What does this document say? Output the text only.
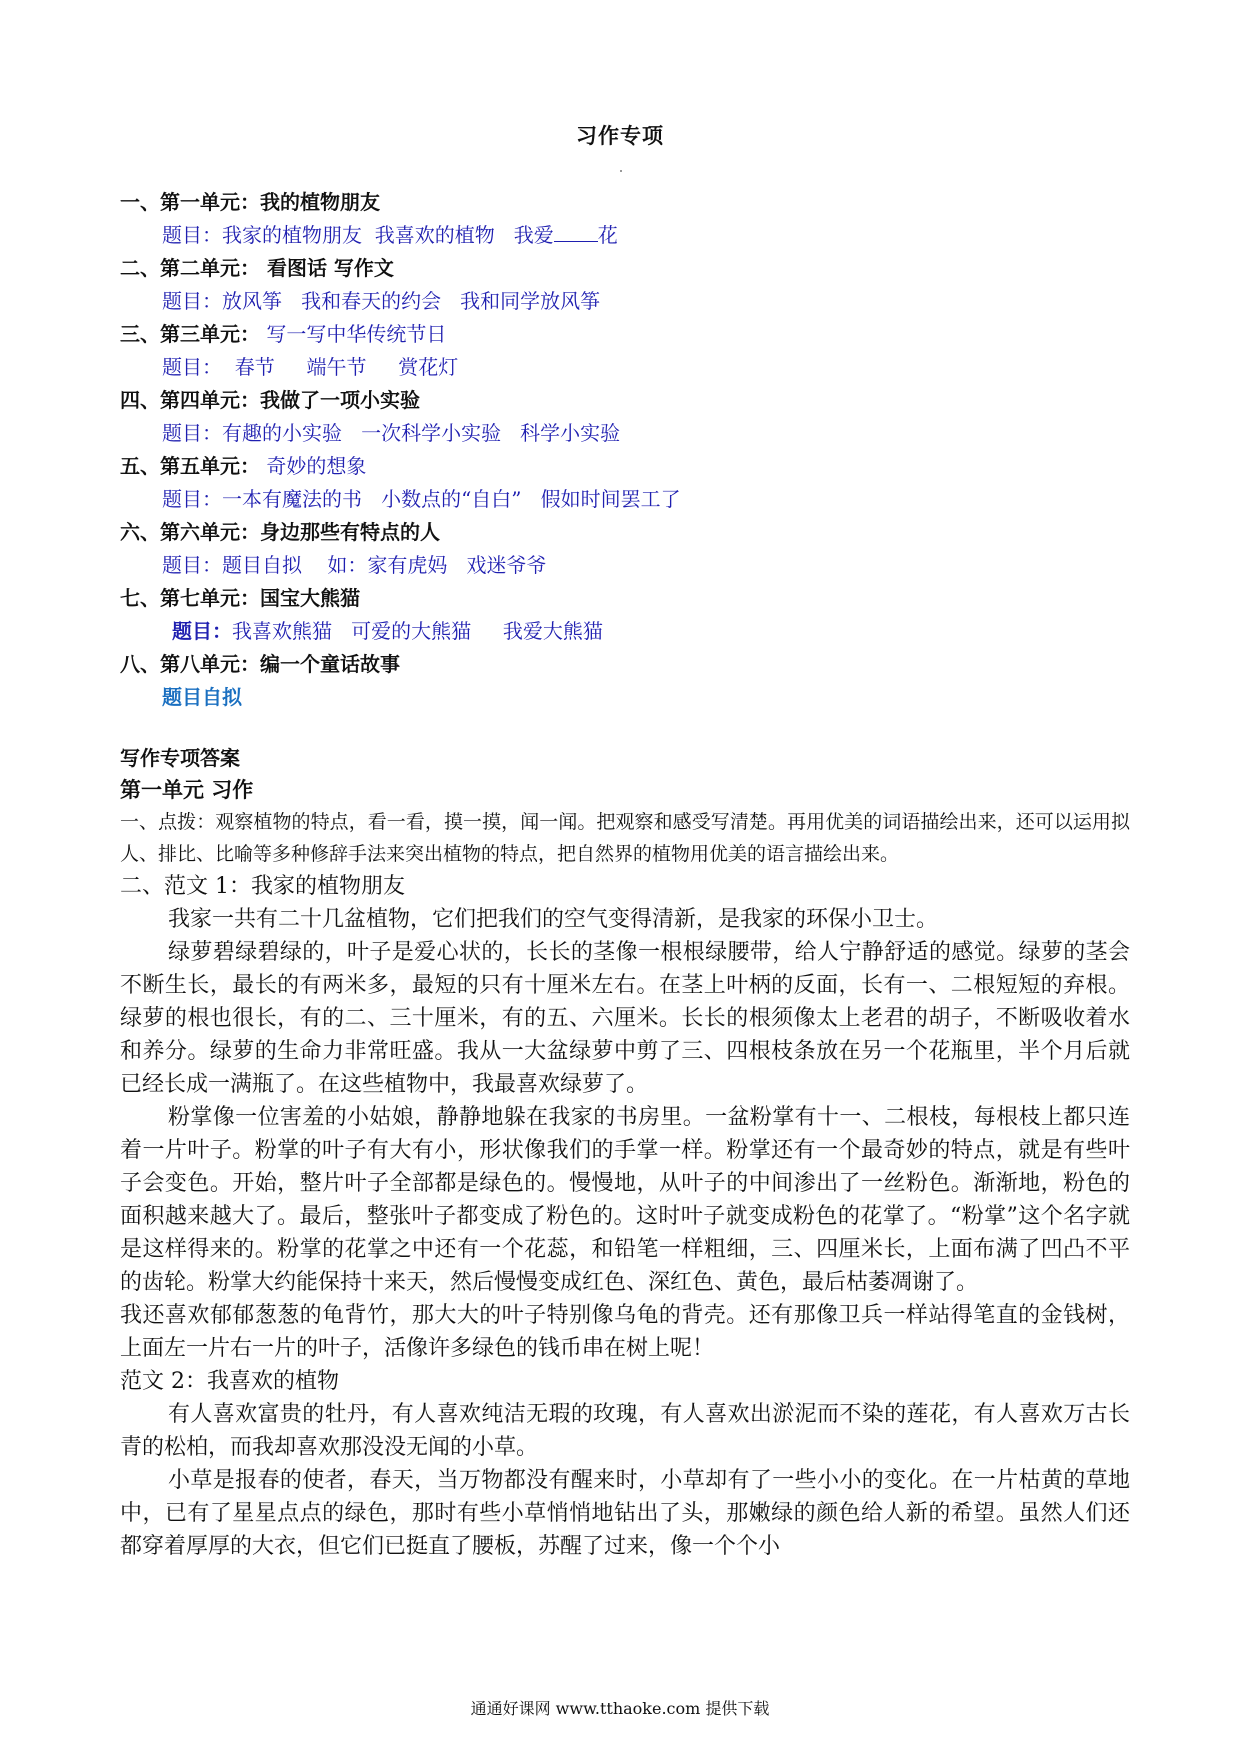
习作专项
一、第一单元：我的植物朋友
题目：我家的植物朋友  我喜欢的植物   我爱 花
二、第二单元： 看图话 写作文
题目：放风筝   我和春天的约会   我和同学放风筝
三、第三单元： 写一写中华传统节日
题目：  春节     端午节     赏花灯
四、第四单元：我做了一项小实验
题目：有趣的小实验   一次科学小实验   科学小实验
五、第五单元： 奇妙的想象
题目：一本有魔法的书   小数点的“自白”   假如时间罢工了
六、第六单元：身边那些有特点的人
题目：题目自拟    如：家有虎妈   戏迷爷爷
七、第七单元：国宝大熊猫
题目：我喜欢熊猫   可爱的大熊猫     我爱大熊猫
八、第八单元：编一个童话故事
题目自拟
写作专项答案
第一单元 习作

一、点拨：观察植物的特点，看一看，摸一摸，闻一闻。把观察和感受写清楚。再用优美的词语描绘出来，还可以运用拟人、排比、比喻等多种修辞手法来突出植物的特点，把自然界的植物用优美的语言描绘出来。

二、范文 1：我家的植物朋友

我家一共有二十几盆植物，它们把我们的空气变得清新，是我家的环保小卫士。

绿萝碧绿碧绿的，叶子是爱心状的，长长的茎像一根根绿腰带，给人宁静舒适的感觉。绿萝的茎会不断生长，最长的有两米多，最短的只有十厘米左右。在茎上叶柄的反面，长有一、二根短短的弃根。绿萝的根也很长，有的二、三十厘米，有的五、六厘米。长长的根须像太上老君的胡子，不断吸收着水和养分。绿萝的生命力非常旺盛。我从一大盆绿萝中剪了三、四根枝条放在另一个花瓶里，半个月后就已经长成一满瓶了。在这些植物中，我最喜欢绿萝了。

粉掌像一位害羞的小姑娘，静静地躲在我家的书房里。一盆粉掌有十一、二根枝，每根枝上都只连着一片叶子。粉掌的叶子有大有小，形状像我们的手掌一样。粉掌还有一个最奇妙的特点，就是有些叶子会变色。开始，整片叶子全部都是绿色的。慢慢地，从叶子的中间渗出了一丝粉色。渐渐地，粉色的面积越来越大了。最后，整张叶子都变成了粉色的。这时叶子就变成粉色的花掌了。“粉掌”这个名字就是这样得来的。粉掌的花掌之中还有一个花蕊，和铅笔一样粗细，三、四厘米长，上面布满了凹凸不平的齿轮。粉掌大约能保持十来天，然后慢慢变成红色、深红色、黄色，最后枯萎凋谢了。

我还喜欢郁郁葱葱的龟背竹，那大大的叶子特别像乌龟的背壳。还有那像卫兵一样站得笔直的金钱树，上面左一片右一片的叶子，活像许多绿色的钱币串在树上呢！

范文 2：我喜欢的植物

有人喜欢富贵的牡丹，有人喜欢纯洁无瑕的玫瑰，有人喜欢出淤泥而不染的莲花，有人喜欢万古长青的松柏，而我却喜欢那没没无闻的小草。

小草是报春的使者，春天，当万物都没有醒来时，小草却有了一些小小的变化。在一片枯黄的草地中，已有了星星点点的绿色，那时有些小草悄悄地钻出了头，那嫩绿的颜色给人新的希望。虽然人们还都穿着厚厚的大衣，但它们已挺直了腰板，苏醒了过来，像一个个小

通通好课网 www.tthaoke.com 提供下载
